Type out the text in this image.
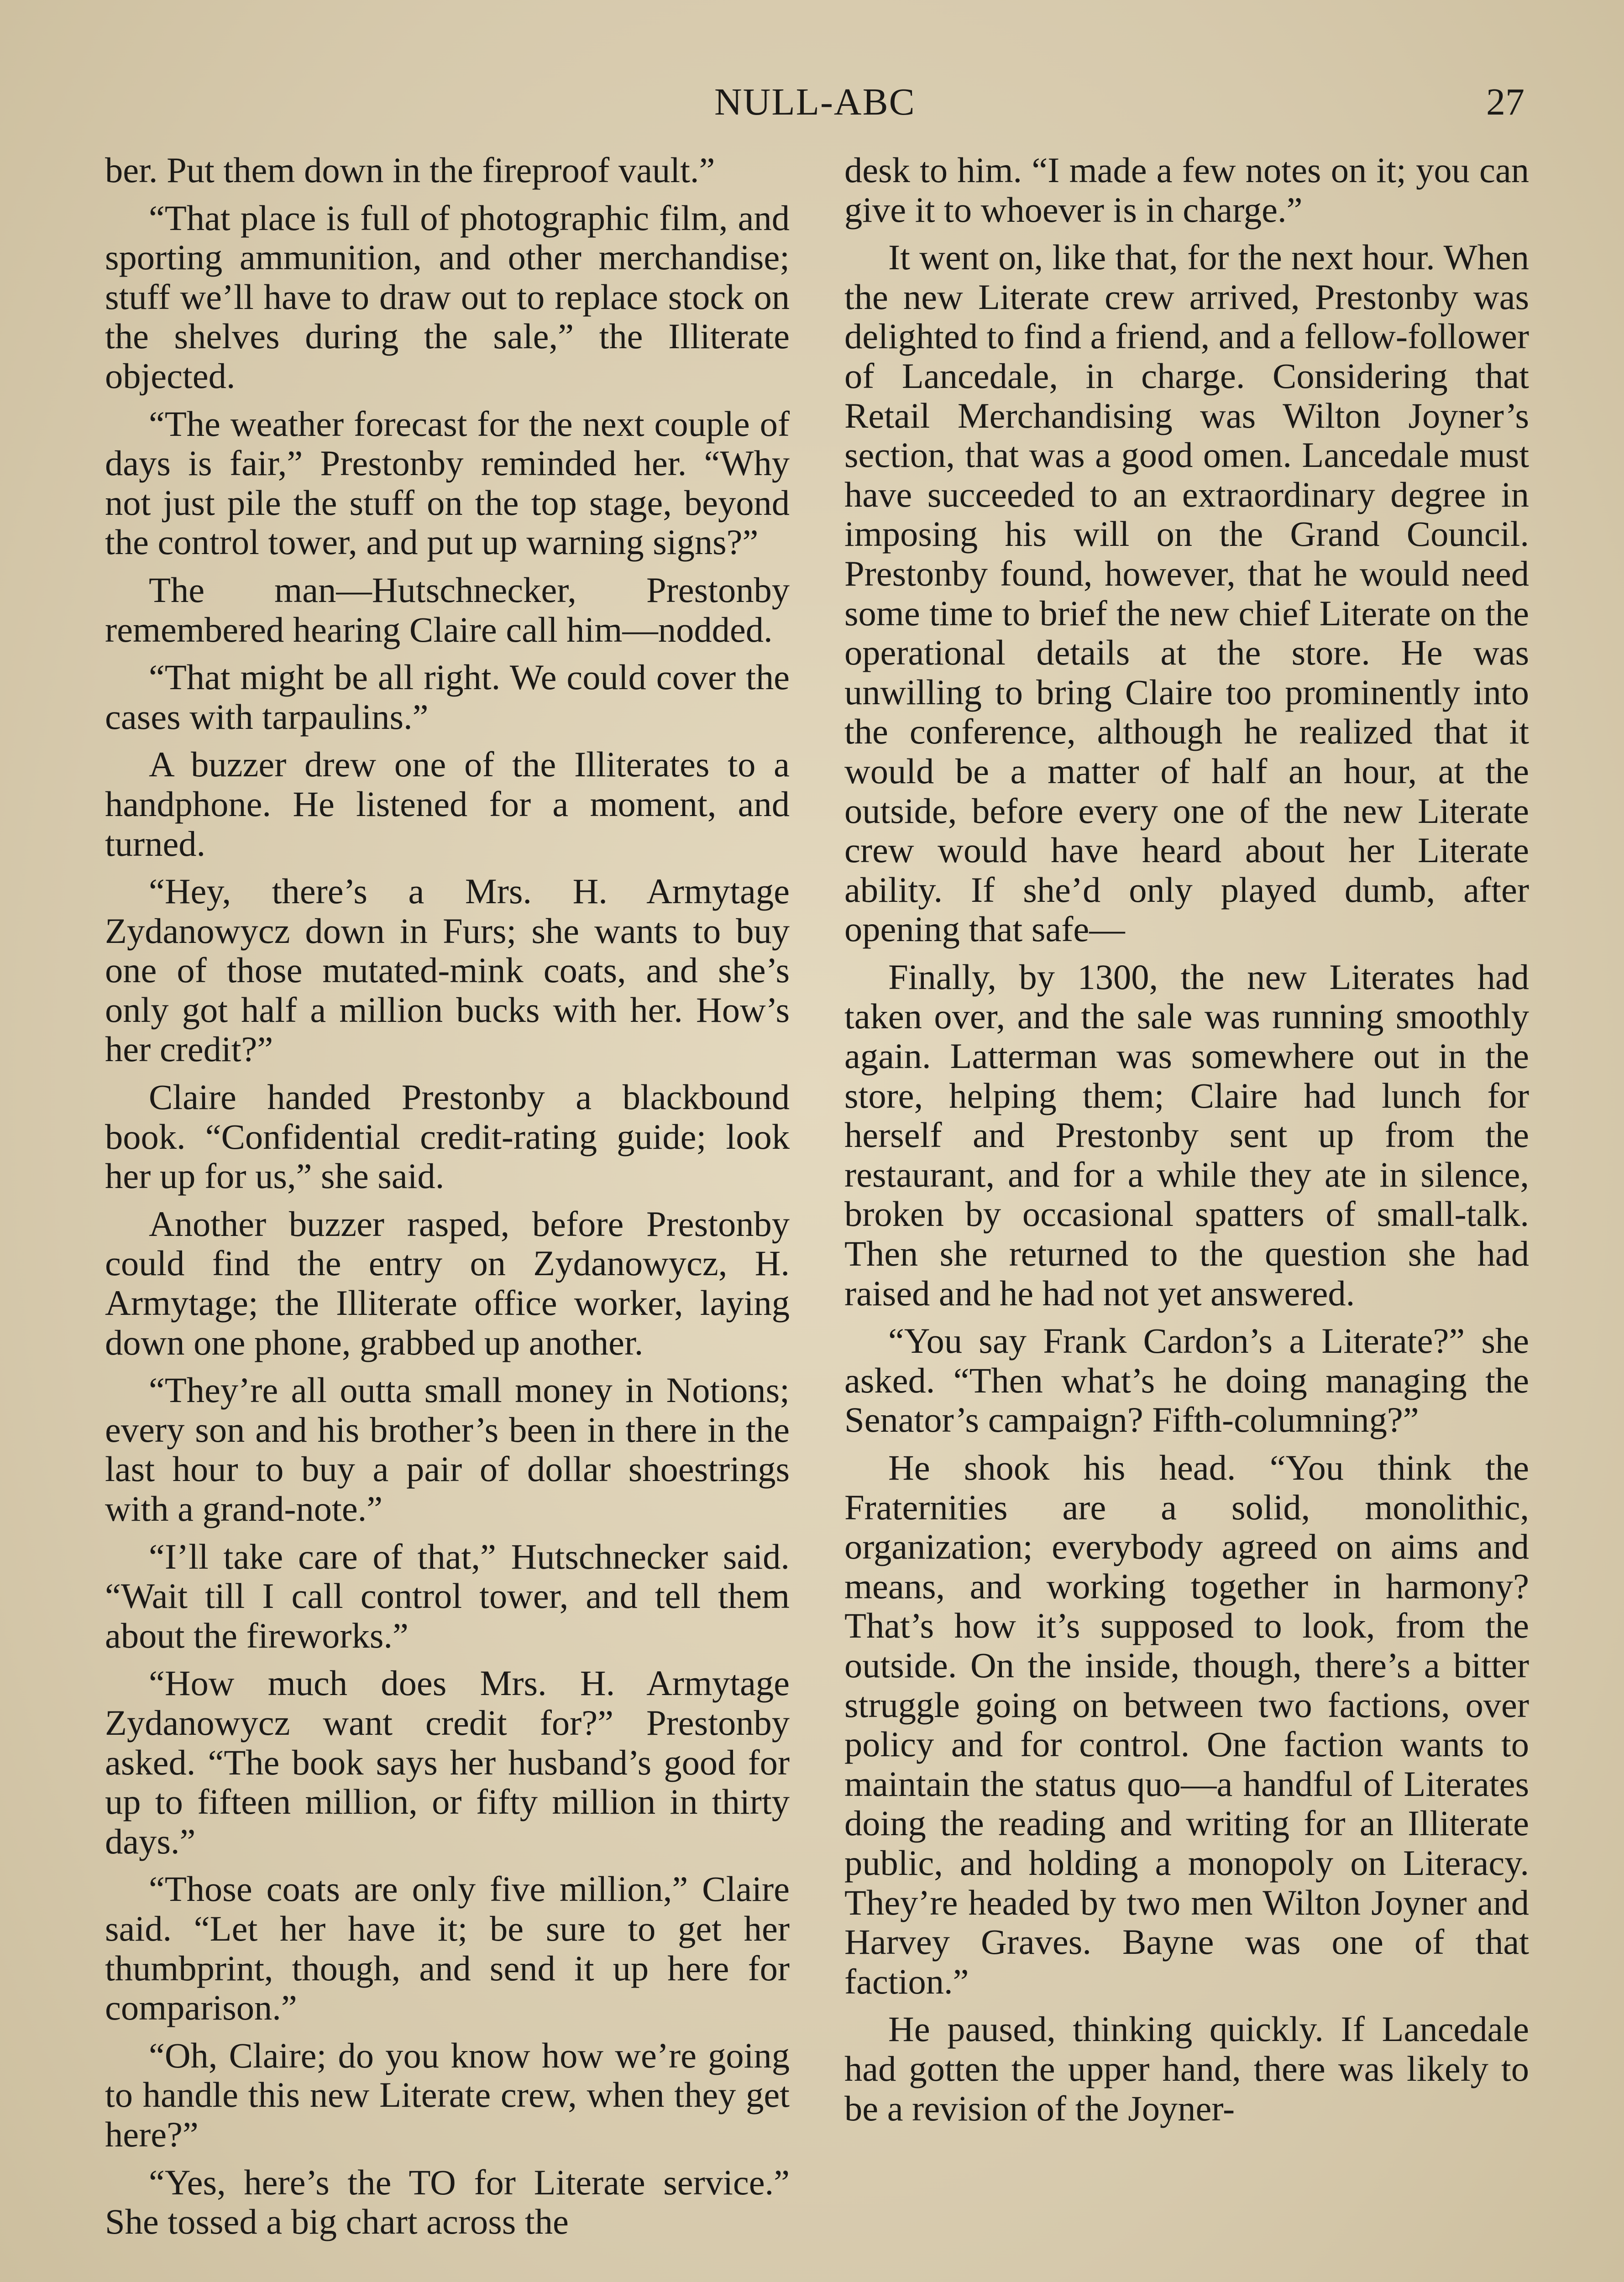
NULL-ABC	27

ber. Put them down in the fireproof vault.”

“That place is full of photographic film, and sporting ammunition, and other merchandise; stuff we’ll have to draw out to replace stock on the shelves during the sale,” the Illiterate objected.

“The weather forecast for the next couple of days is fair,” Prestonby reminded her. “Why not just pile the stuff on the top stage, beyond the control tower, and put up warning signs?”

The man—Hutschnecker, Prestonby remembered hearing Claire call him—nodded.

“That might be all right. We could cover the cases with tarpaulins.”

A buzzer drew one of the Illiterates to a handphone. He listened for a moment, and turned.

“Hey, there’s a Mrs. H. Armytage Zydanowycz down in Furs; she wants to buy one of those mutated-mink coats, and she’s only got half a million bucks with her. How’s her credit?”

Claire handed Prestonby a blackbound book. “Confidential credit-rating guide; look her up for us,” she said.

Another buzzer rasped, before Prestonby could find the entry on Zydanowycz, H. Armytage; the Illiterate office worker, laying down one phone, grabbed up another.

“They’re all outta small money in Notions; every son and his brother’s been in there in the last hour to buy a pair of dollar shoestrings with a grand-note.”

“I’ll take care of that,” Hutschnecker said. “Wait till I call control tower, and tell them about the fireworks.”

“How much does Mrs. H. Armytage Zydanowycz want credit for?” Prestonby asked. “The book says her husband’s good for up to fifteen million, or fifty million in thirty days.”

“Those coats are only five million,” Claire said. “Let her have it; be sure to get her thumbprint, though, and send it up here for comparison.”

“Oh, Claire; do you know how we’re going to handle this new Literate crew, when they get here?”

“Yes, here’s the TO for Literate service.” She tossed a big chart across the

desk to him. “I made a few notes on it; you can give it to whoever is in charge.”

It went on, like that, for the next hour. When the new Literate crew arrived, Prestonby was delighted to find a friend, and a fellow-follower of Lancedale, in charge. Considering that Retail Merchandising was Wilton Joyner’s section, that was a good omen. Lancedale must have succeeded to an extraordinary degree in imposing his will on the Grand Council. Prestonby found, however, that he would need some time to brief the new chief Literate on the operational details at the store. He was unwilling to bring Claire too prominently into the conference, although he realized that it would be a matter of half an hour, at the outside, before every one of the new Literate crew would have heard about her Literate ability. If she’d only played dumb, after opening that safe—

Finally, by 1300, the new Literates had taken over, and the sale was running smoothly again. Latterman was somewhere out in the store, helping them; Claire had lunch for herself and Prestonby sent up from the restaurant, and for a while they ate in silence, broken by occasional spatters of small-talk. Then she returned to the question she had raised and he had not yet answered.

“You say Frank Cardon’s a Literate?” she asked. “Then what’s he doing managing the Senator’s campaign? Fifth-columning?”

He shook his head. “You think the Fraternities are a solid, monolithic, organization; everybody agreed on aims and means, and working together in harmony? That’s how it’s supposed to look, from the outside. On the inside, though, there’s a bitter struggle going on between two factions, over policy and for control. One faction wants to maintain the status quo—a handful of Literates doing the reading and writing for an Illiterate public, and holding a monopoly on Literacy. They’re headed by two men Wilton Joyner and Harvey Graves. Bayne was one of that faction.”

He paused, thinking quickly. If Lancedale had gotten the upper hand, there was likely to be a revision of the Joyner-
